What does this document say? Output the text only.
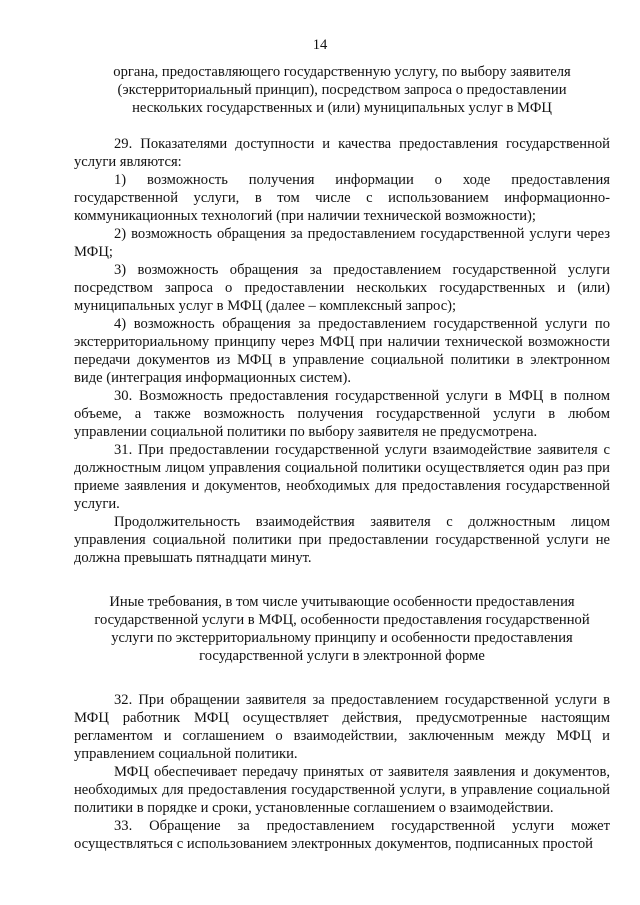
14

органа, предоставляющего государственную услугу, по выбору заявителя

(экстерриториальный принцип), посредством запроса о предоставлении

нескольких государственных и (или) муниципальных услуг в МФЦ

29. Показателями доступности и качества предоставления государственной услуги являются:

1) возможность получения информации о ходе предоставления государственной услуги, в том числе с использованием информационно-коммуникационных технологий (при наличии технической возможности);

2) возможность обращения за предоставлением государственной услуги через МФЦ;

3) возможность обращения за предоставлением государственной услуги посредством запроса о предоставлении нескольких государственных и (или) муниципальных услуг в МФЦ (далее – комплексный запрос);

4) возможность обращения за предоставлением государственной услуги по экстерриториальному принципу через МФЦ при наличии технической возможности передачи документов из МФЦ в управление социальной политики в электронном виде (интеграция информационных систем).

30. Возможность предоставления государственной услуги в МФЦ в полном объеме, а также возможность получения государственной услуги в любом управлении социальной политики по выбору заявителя не предусмотрена.

31. При предоставлении государственной услуги взаимодействие заявителя с должностным лицом управления социальной политики осуществляется один раз при приеме заявления и документов, необходимых для предоставления государственной услуги.

Продолжительность взаимодействия заявителя с должностным лицом управления социальной политики при предоставлении государственной услуги не должна превышать пятнадцати минут.

Иные требования, в том числе учитывающие особенности предоставления

государственной услуги в МФЦ, особенности предоставления государственной

услуги по экстерриториальному принципу и особенности предоставления

государственной услуги в электронной форме

32. При обращении заявителя за предоставлением государственной услуги в МФЦ работник МФЦ осуществляет действия, предусмотренные настоящим регламентом и соглашением о взаимодействии, заключенным между МФЦ и управлением социальной политики.

МФЦ обеспечивает передачу принятых от заявителя заявления и документов, необходимых для предоставления государственной услуги, в управление социальной политики в порядке и сроки, установленные соглашением о взаимодействии.

33. Обращение за предоставлением государственной услуги может осуществляться с использованием электронных документов, подписанных простой
